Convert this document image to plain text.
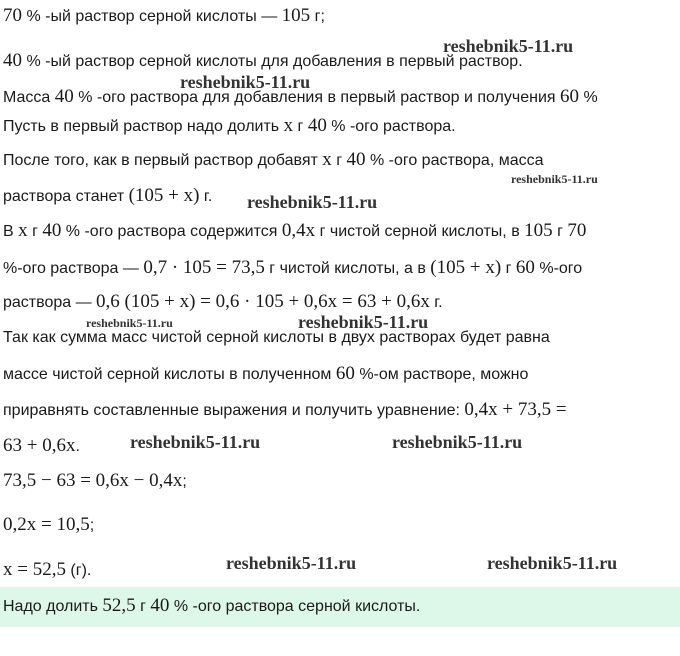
70 % -ый раствор серной кислоты — 105 г;
40 % -ый раствор серной кислоты для добавления в первый раствор.
Масса 40 % -ого раствора для добавления в первый раствор и получения 60 %
Пусть в первый раствор надо долить x г 40 % -ого раствора.
После того, как в первый раствор добавят x г 40 % -ого раствора, масса
раствора станет (105 + x) г.
В x г 40 % -ого раствора содержится 0,4x г чистой серной кислоты, в 105 г 70
%-ого раствора — 0,7 · 105 = 73,5 г чистой кислоты, а в (105 + x) г 60 %-ого
раствора — 0,6 (105 + x) = 0,6 · 105 + 0,6x = 63 + 0,6x г.
Так как сумма масс чистой серной кислоты в двух растворах будет равна
массе чистой серной кислоты в полученном 60 %-ом растворе, можно
приравнять составленные выражения и получить уравнение: 0,4x + 73,5 =
63 + 0,6x.
73,5 − 63 = 0,6x − 0,4x;
0,2x = 10,5;
x = 52,5 (г).
Надо долить 52,5 г 40 % -ого раствора серной кислоты.
reshebnik5-11.ru
reshebnik5-11.ru
reshebnik5-11.ru
reshebnik5-11.ru
reshebnik5-11.ru	reshebnik5-11.ru
reshebnik5-11.ru	reshebnik5-11.ru
reshebnik5-11.ru	reshebnik5-11.ru
